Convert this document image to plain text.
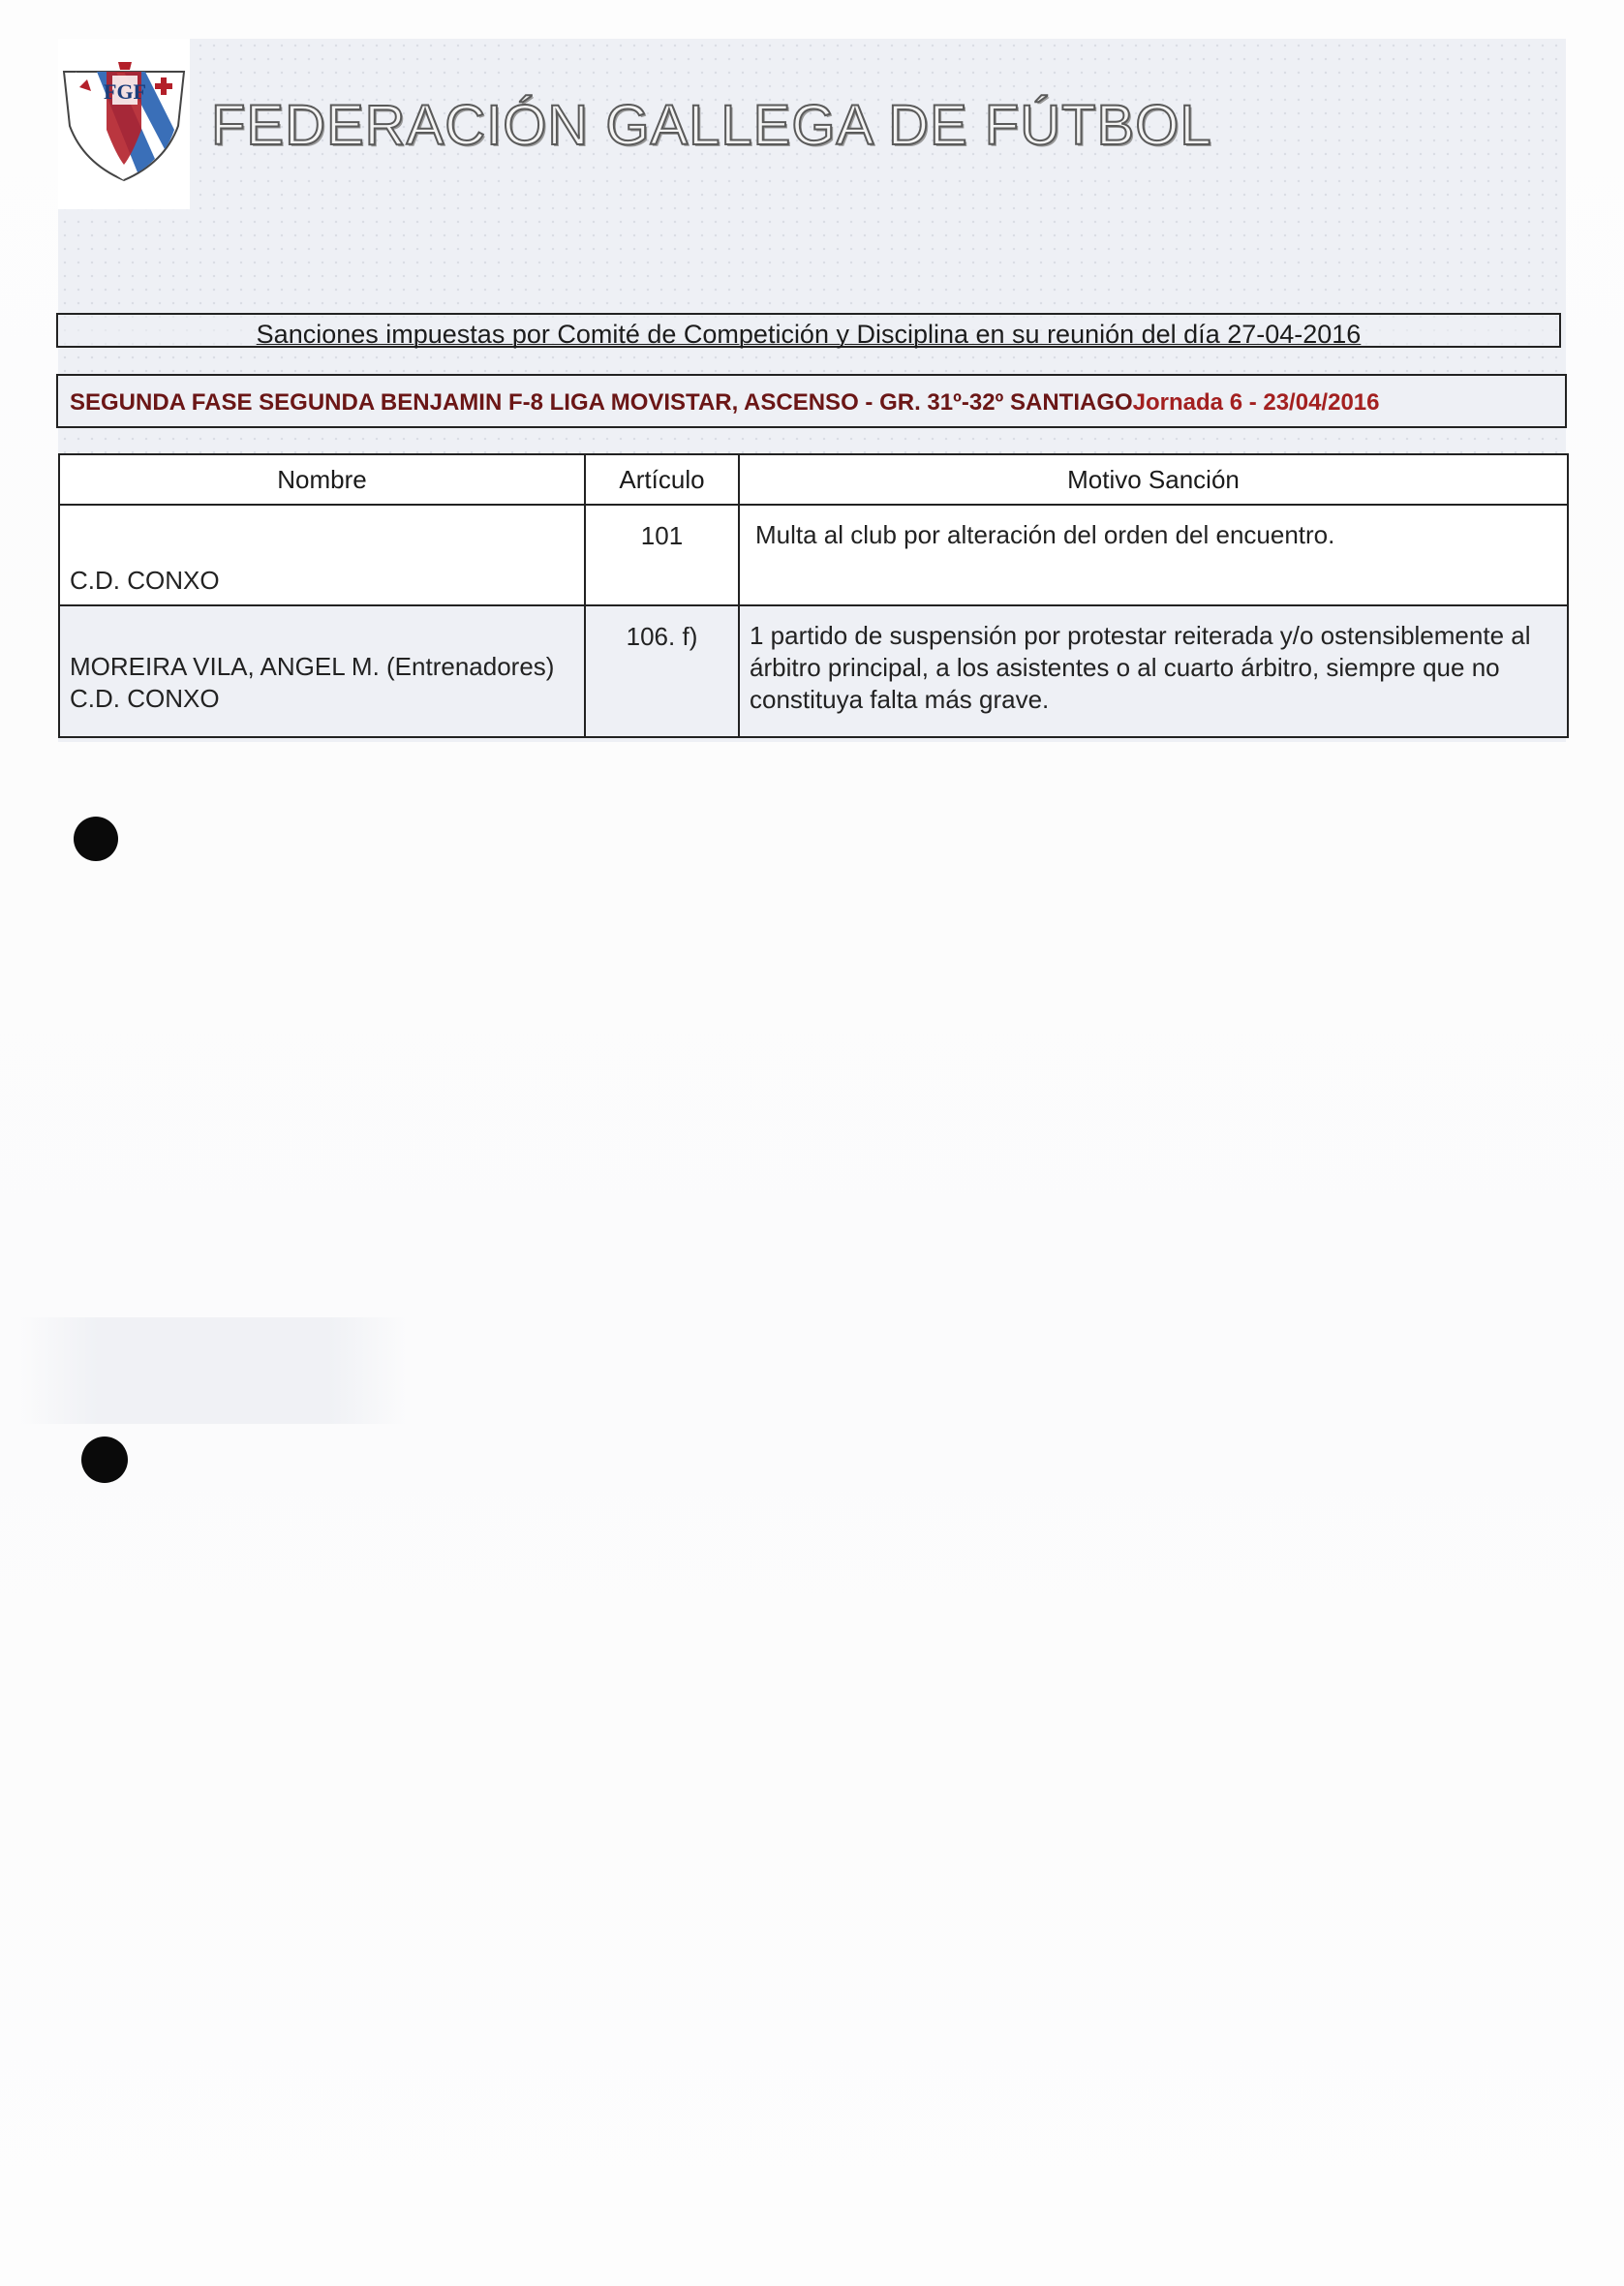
FGF
FEDERACIÓN GALLEGA DE FÚTBOL
Sanciones impuestas por Comité de Competición y Disciplina en su reunión del día 27-04-2016
SEGUNDA FASE SEGUNDA BENJAMIN F-8 LIGA MOVISTAR, ASCENSO - GR. 31º-32º SANTIAGOJornada 6 - 23/04/2016
Nombre	Artículo	Motivo Sanción

C.D. CONXO	101	Multa al club por alteración del orden del encuentro.

MOREIRA VILA, ANGEL M. (Entrenadores)
C.D. CONXO	106. f)	1 partido de suspensión por protestar reiterada y/o ostensiblemente al árbitro principal, a los asistentes o al cuarto árbitro, siempre que no constituya falta más grave.
